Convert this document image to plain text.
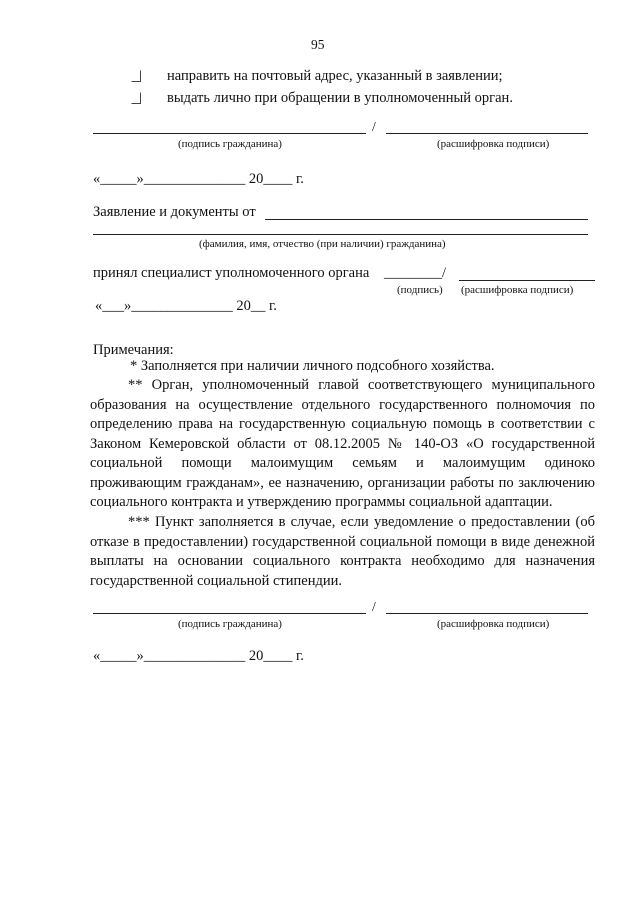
95
направить на почтовый адрес, указанный в заявлении;
выдать лично при обращении в уполномоченный орган.
/
(подпись гражданина)	(расшифровка подписи)
«_____»______________ 20____ г.
Заявление и документы от
(фамилия, имя, отчество (при наличии) гражданина)
принял специалист уполномоченного органа ________/
(подпись) (расшифровка подписи)
«___»______________ 20__ г.
Примечания:
* Заполняется при наличии личного подсобного хозяйства.
** Орган, уполномоченный главой соответствующего муниципального образования на осуществление отдельного государственного полномочия по определению права на государственную социальную помощь в соответствии с Законом Кемеровской области от 08.12.2005 № 140-ОЗ «О государственной социальной помощи малоимущим семьям и малоимущим одиноко проживающим гражданам», ее назначению, организации работы по заключению социального контракта и утверждению программы социальной адаптации.
*** Пункт заполняется в случае, если уведомление о предоставлении (об отказе в предоставлении) государственной социальной помощи в виде денежной выплаты на основании социального контракта необходимо для назначения государственной социальной стипендии.
/
(подпись гражданина)	(расшифровка подписи)
«_____»______________ 20____ г.
